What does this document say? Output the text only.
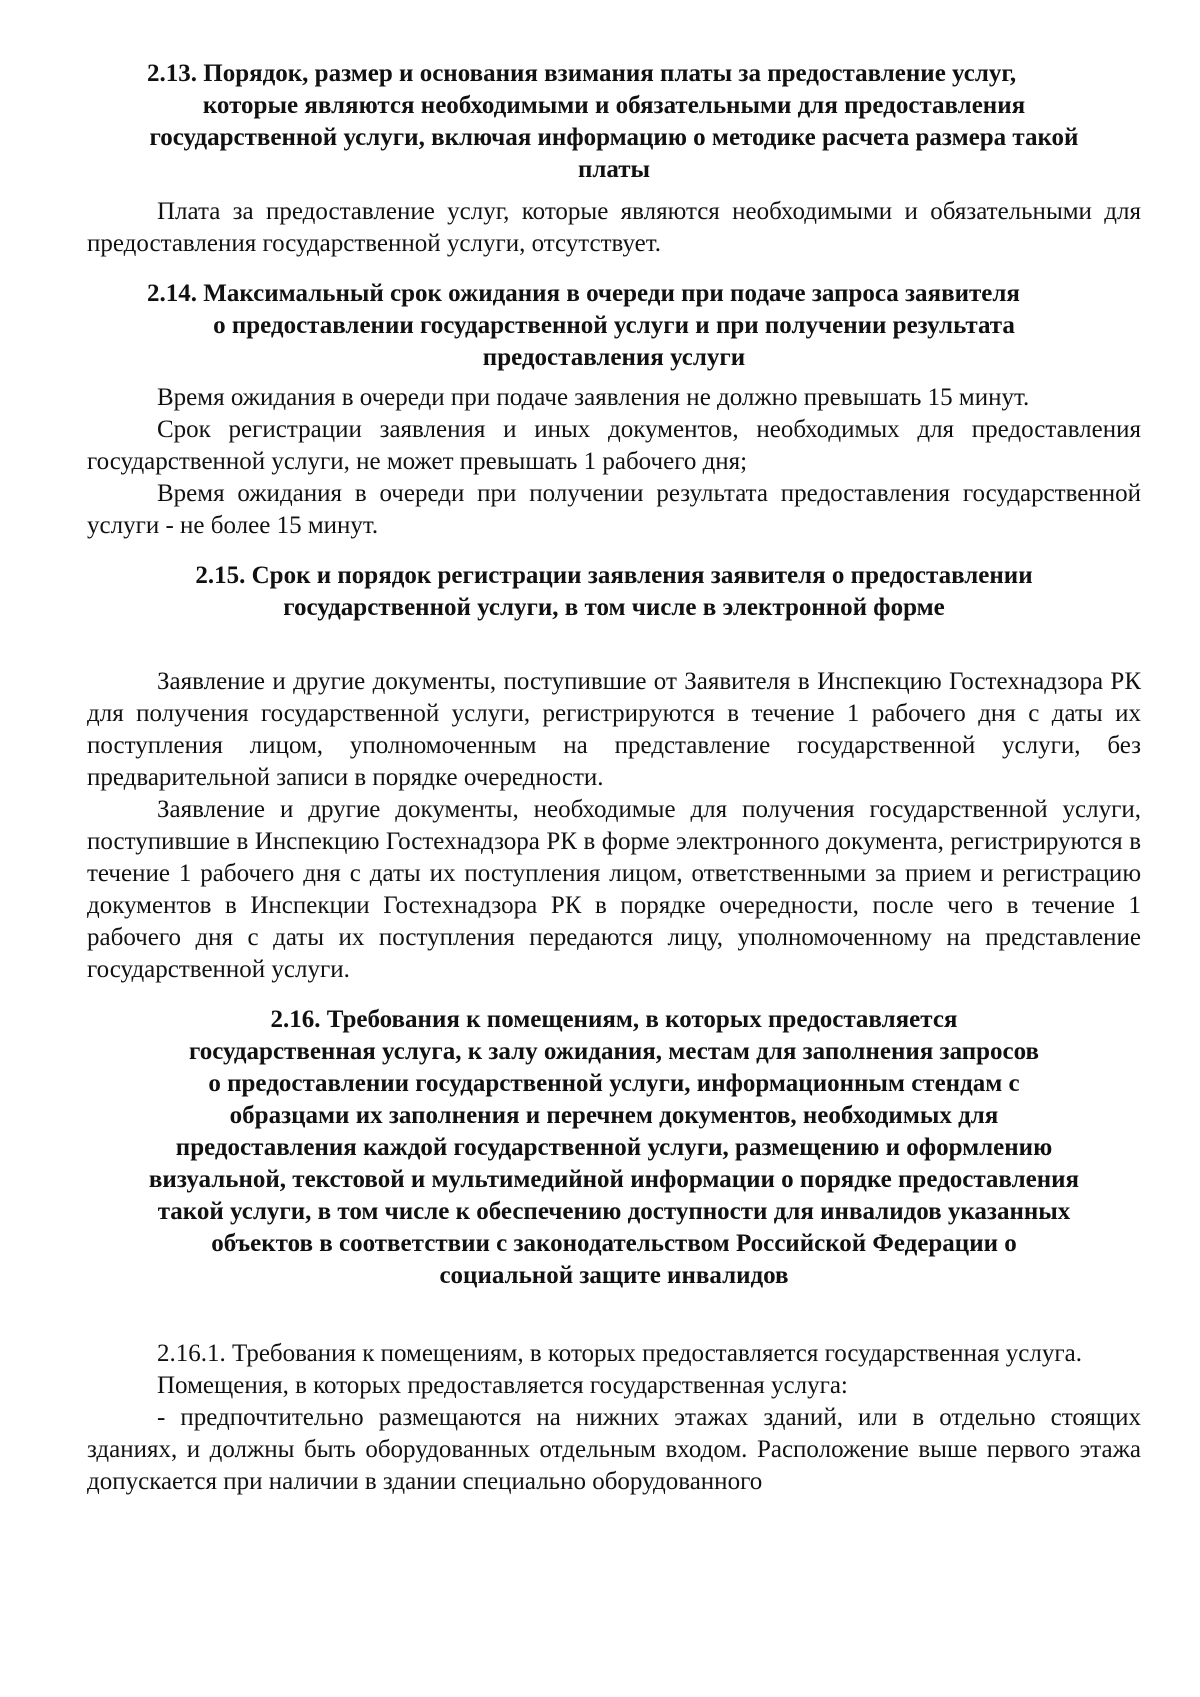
2.13. Порядок, размер и основания взимания платы за предоставление услуг,
которые являются необходимыми и обязательными для предоставления
государственной услуги, включая информацию о методике расчета размера такой
платы

Плата за предоставление услуг, которые являются необходимыми и обязательными для предоставления государственной услуги, отсутствует.

2.14. Максимальный срок ожидания в очереди при подаче запроса заявителя
о предоставлении государственной услуги и при получении результата
предоставления услуги

Время ожидания в очереди при подаче заявления не должно превышать 15 минут.

Срок регистрации заявления и иных документов, необходимых для предоставления государственной услуги, не может превышать 1 рабочего дня;

Время ожидания в очереди при получении результата предоставления государственной услуги - не более 15 минут.

2.15. Срок и порядок регистрации заявления заявителя о предоставлении
государственной услуги, в том числе в электронной форме

Заявление и другие документы, поступившие от Заявителя в Инспекцию Гостехнадзора РК для получения государственной услуги, регистрируются в течение 1 рабочего дня с даты их поступления лицом, уполномоченным на представление государственной услуги, без предварительной записи в порядке очередности.

Заявление и другие документы, необходимые для получения государственной услуги, поступившие в Инспекцию Гостехнадзора РК в форме электронного документа, регистрируются в течение 1 рабочего дня с даты их поступления лицом, ответственными за прием и регистрацию документов в Инспекции Гостехнадзора РК в порядке очередности, после чего в течение 1 рабочего дня с даты их поступления передаются лицу, уполномоченному на представление государственной услуги.

2.16. Требования к помещениям, в которых предоставляется
государственная услуга, к залу ожидания, местам для заполнения запросов
о предоставлении государственной услуги, информационным стендам с
образцами их заполнения и перечнем документов, необходимых для
предоставления каждой государственной услуги, размещению и оформлению
визуальной, текстовой и мультимедийной информации о порядке предоставления
такой услуги, в том числе к обеспечению доступности для инвалидов указанных
объектов в соответствии с законодательством Российской Федерации о
социальной защите инвалидов

2.16.1. Требования к помещениям, в которых предоставляется государственная услуга.

Помещения, в которых предоставляется государственная услуга:

- предпочтительно размещаются на нижних этажах зданий, или в отдельно стоящих зданиях, и должны быть оборудованных отдельным входом. Расположение выше первого этажа допускается при наличии в здании специально оборудованного
